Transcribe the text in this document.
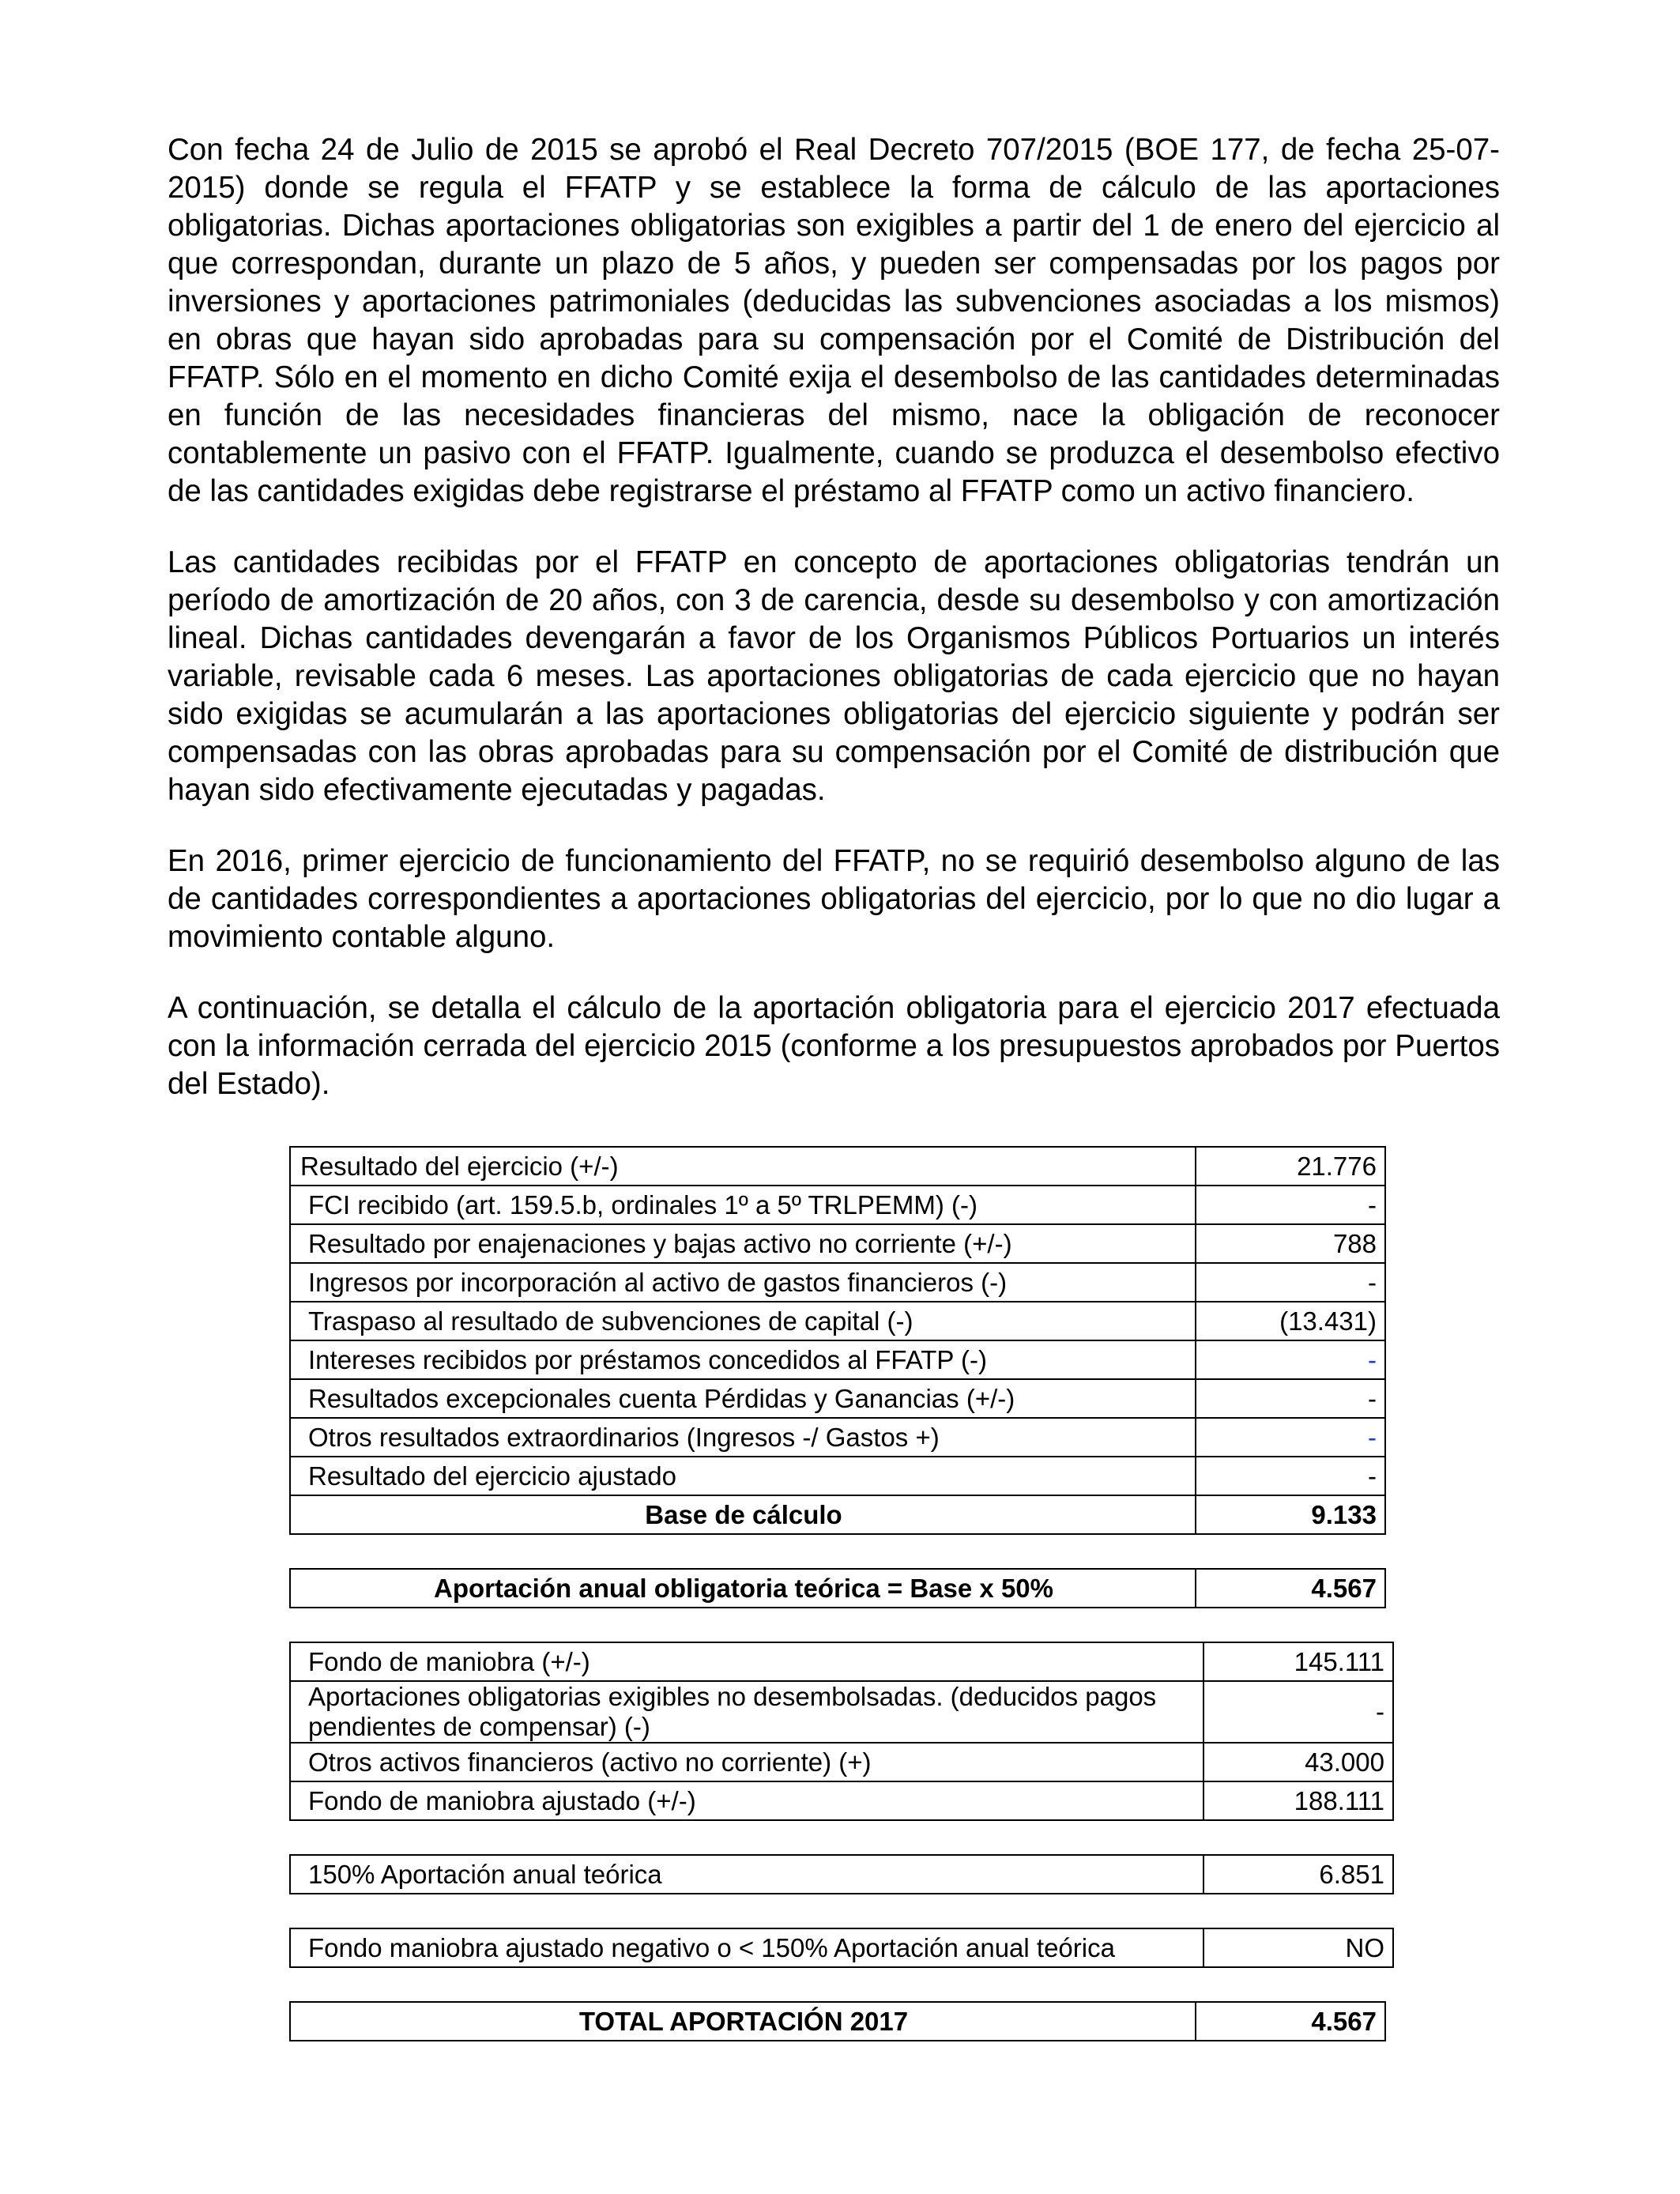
Con fecha 24 de Julio de 2015 se aprobó el Real Decreto 707/2015 (BOE 177, de fecha 25-07-2015) donde se regula el FFATP y se establece la forma de cálculo de las aportaciones obligatorias. Dichas aportaciones obligatorias son exigibles a partir del 1 de enero del ejercicio al que correspondan, durante un plazo de 5 años, y pueden ser compensadas por los pagos por inversiones y aportaciones patrimoniales (deducidas las subvenciones asociadas a los mismos) en obras que hayan sido aprobadas para su compensación por el Comité de Distribución del FFATP. Sólo en el momento en dicho Comité exija el desembolso de las cantidades determinadas en función de las necesidades financieras del mismo, nace la obligación de reconocer contablemente un pasivo con el FFATP. Igualmente, cuando se produzca el desembolso efectivo de las cantidades exigidas debe registrarse el préstamo al FFATP como un activo financiero.

Las cantidades recibidas por el FFATP en concepto de aportaciones obligatorias tendrán un período de amortización de 20 años, con 3 de carencia, desde su desembolso y con amortización lineal. Dichas cantidades devengarán a favor de los Organismos Públicos Portuarios un interés variable, revisable cada 6 meses. Las aportaciones obligatorias de cada ejercicio que no hayan sido exigidas se acumularán a las aportaciones obligatorias del ejercicio siguiente y podrán ser compensadas con las obras aprobadas para su compensación por el Comité de distribución que hayan sido efectivamente ejecutadas y pagadas.

En 2016, primer ejercicio de funcionamiento del FFATP, no se requirió desembolso alguno de las de cantidades correspondientes a aportaciones obligatorias del ejercicio, por lo que no dio lugar a movimiento contable alguno.

A continuación, se detalla el cálculo de la aportación obligatoria para el ejercicio 2017 efectuada con la información cerrada del ejercicio 2015 (conforme a los presupuestos aprobados por Puertos del Estado).

Resultado del ejercicio (+/-)	21.776
FCI recibido (art. 159.5.b, ordinales 1º a 5º TRLPEMM) (-)	-
Resultado por enajenaciones y bajas activo no corriente (+/-)	788
Ingresos por incorporación al activo de gastos financieros (-)	-
Traspaso al resultado de subvenciones de capital (-)	(13.431)
Intereses recibidos por préstamos concedidos al FFATP (-)	-
Resultados excepcionales cuenta Pérdidas y Ganancias (+/-)	-
Otros resultados extraordinarios (Ingresos -/ Gastos +)	-
Resultado del ejercicio ajustado	-
Base de cálculo	9.133
Aportación anual obligatoria teórica = Base x 50%	4.567
Fondo de maniobra (+/-)	145.111
Aportaciones obligatorias exigibles no desembolsadas. (deducidos pagos pendientes de compensar) (-)	-
Otros activos financieros (activo no corriente) (+)	43.000
Fondo de maniobra ajustado (+/-)	188.111
150% Aportación anual teórica	6.851
Fondo maniobra ajustado negativo o < 150% Aportación anual teórica	NO
TOTAL APORTACIÓN 2017	4.567
